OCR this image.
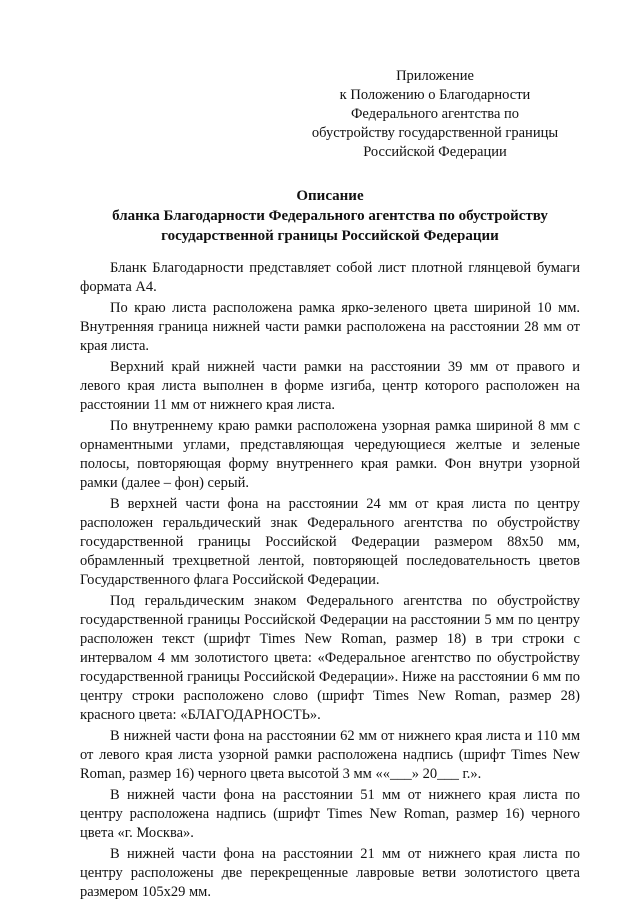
Приложение
к Положению о Благодарности
Федерального агентства по
обустройству государственной границы
Российской Федерации
Описание
бланка Благодарности Федерального агентства по обустройству
государственной границы Российской Федерации

Бланк Благодарности представляет собой лист плотной глянцевой бумаги формата А4.

По краю листа расположена рамка ярко-зеленого цвета шириной 10 мм. Внутренняя граница нижней части рамки расположена на расстоянии 28 мм от края листа.

Верхний край нижней части рамки на расстоянии 39 мм от правого и левого края листа выполнен в форме изгиба, центр которого расположен на расстоянии 11 мм от нижнего края листа.

По внутреннему краю рамки расположена узорная рамка шириной 8 мм с орнаментными углами, представляющая чередующиеся желтые и зеленые полосы, повторяющая форму внутреннего края рамки. Фон внутри узорной рамки (далее – фон) серый.

В верхней части фона на расстоянии 24 мм от края листа по центру расположен геральдический знак Федерального агентства по обустройству государственной границы Российской Федерации размером 88x50 мм, обрамленный трехцветной лентой, повторяющей последовательность цветов Государственного флага Российской Федерации.

Под геральдическим знаком Федерального агентства по обустройству государственной границы Российской Федерации на расстоянии 5 мм по центру расположен текст (шрифт Times New Roman, размер 18) в три строки с интервалом 4 мм золотистого цвета: «Федеральное агентство по обустройству государственной границы Российской Федерации». Ниже на расстоянии 6 мм по центру строки расположено слово (шрифт Times New Roman, размер 28) красного цвета: «БЛАГОДАРНОСТЬ».

В нижней части фона на расстоянии 62 мм от нижнего края листа и 110 мм от левого края листа узорной рамки расположена надпись (шрифт Times New Roman, размер 16) черного цвета высотой 3 мм ««___» 20___ г.».

В нижней части фона на расстоянии 51 мм от нижнего края листа по центру расположена надпись (шрифт Times New Roman, размер 16) черного цвета «г. Москва».

В нижней части фона на расстоянии 21 мм от нижнего края листа по центру расположены две перекрещенные лавровые ветви золотистого цвета размером 105x29 мм.
